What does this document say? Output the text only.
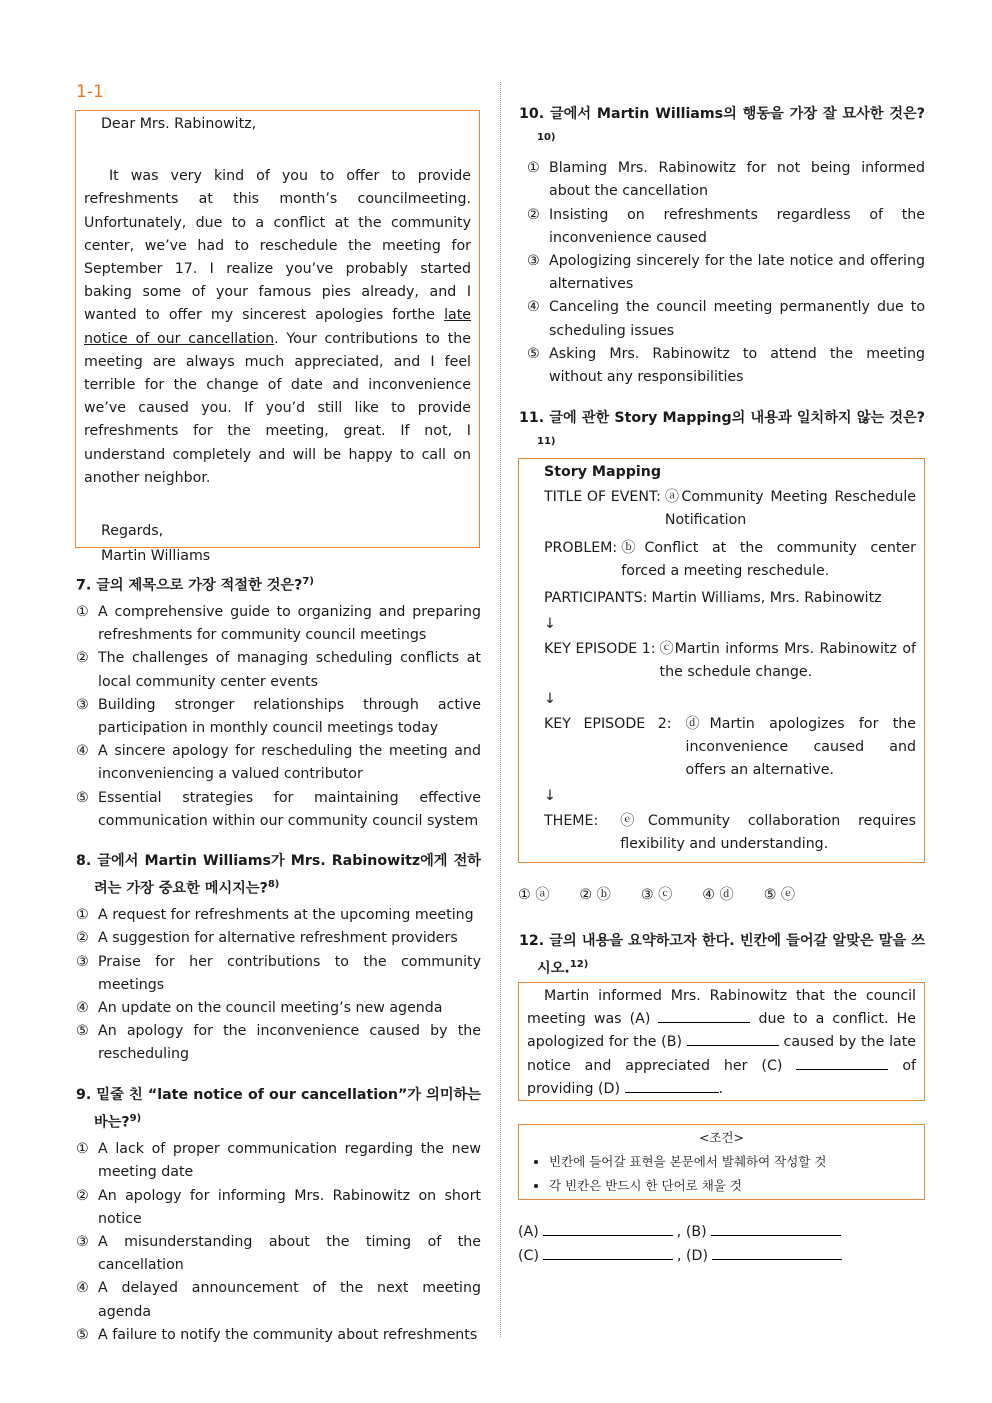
1-1

Dear Mrs. Rabinowitz,

It was very kind of you to offer to provide refreshments at this month’s councilmeeting. Unfortunately, due to a conflict at the community center, we’ve had to reschedule the meeting for September 17. I realize you’ve probably started baking some of your famous pies already, and I wanted to offer my sincerest apologies forthe late notice of our cancellation. Your contributions to the meeting are always much appreciated, and I feel terrible for the change of date and inconvenience we’ve caused you. If you’d still like to provide refreshments for the meeting, great. If not, I understand completely and will be happy to call on another neighbor.

Regards,

Martin Williams

7. 글의 제목으로 가장 적절한 것은?$^{7)}$
① A comprehensive guide to organizing and preparing refreshments for community council meetings
② The challenges of managing scheduling conflicts at local community center events
③ Building stronger relationships through active participation in monthly council meetings today
④ A sincere apology for rescheduling the meeting and inconveniencing a valued contributor
⑤ Essential strategies for maintaining effective communication within our community council system
8. 글에서 Martin Williams가 Mrs. Rabinowitz에게 전하려는 가장 중요한 메시지는?$^{8)}$
① A request for refreshments at the upcoming meeting
② A suggestion for alternative refreshment providers
③ Praise for her contributions to the community meetings
④ An update on the council meeting’s new agenda
⑤ An apology for the inconvenience caused by the rescheduling
9. 밑줄 친 “late notice of our cancellation”가 의미하는 바는?$^{9)}$
① A lack of proper communication regarding the new meeting date
② An apology for informing Mrs. Rabinowitz on short notice
③ A misunderstanding about the timing of the cancellation
④ A delayed announcement of the next meeting agenda
⑤ A failure to notify the community about refreshments
10. 글에서 Martin Williams의 행동을 가장 잘 묘사한 것은?$^{10)}$
① Blaming Mrs. Rabinowitz for not being informed about the cancellation
② Insisting on refreshments regardless of the inconvenience caused
③ Apologizing sincerely for the late notice and offering alternatives
④ Canceling the council meeting permanently due to scheduling issues
⑤ Asking Mrs. Rabinowitz to attend the meeting without any responsibilities
11. 글에 관한 Story Mapping의 내용과 일치하지 않는 것은?$^{11)}$
Story Mapping
TITLE OF EVENT: ⓐCommunity Meeting Reschedule Notification
PROBLEM: ⓑConflict at the community center forced a meeting reschedule.
PARTICIPANTS: Martin Williams, Mrs. Rabinowitz
↓
KEY EPISODE 1: ⓒMartin informs Mrs. Rabinowitz of the schedule change.
↓
KEY EPISODE 2: ⓓMartin apologizes for the inconvenience caused and offers an alternative.
↓
THEME:	ⓔCommunity collaboration requires flexibility and understanding.
① ⓐ ② ⓑ ③ ⓒ ④ ⓓ ⑤ ⓔ
12. 글의 내용을 요약하고자 한다. 빈칸에 들어갈 알맞은 말을 쓰시오.$^{12)}$
Martin informed Mrs. Rabinowitz that the council meeting was (A)	due to a conflict. He apologized for the (B)	caused by the late notice and appreciated her (C)	of providing (D)	.
<조건>
• 빈칸에 들어갈 표현을 본문에서 발췌하여 작성할 것
• 각 빈칸은 반드시 한 단어로 채울 것
(A)	, (B)
(C)	, (D)
